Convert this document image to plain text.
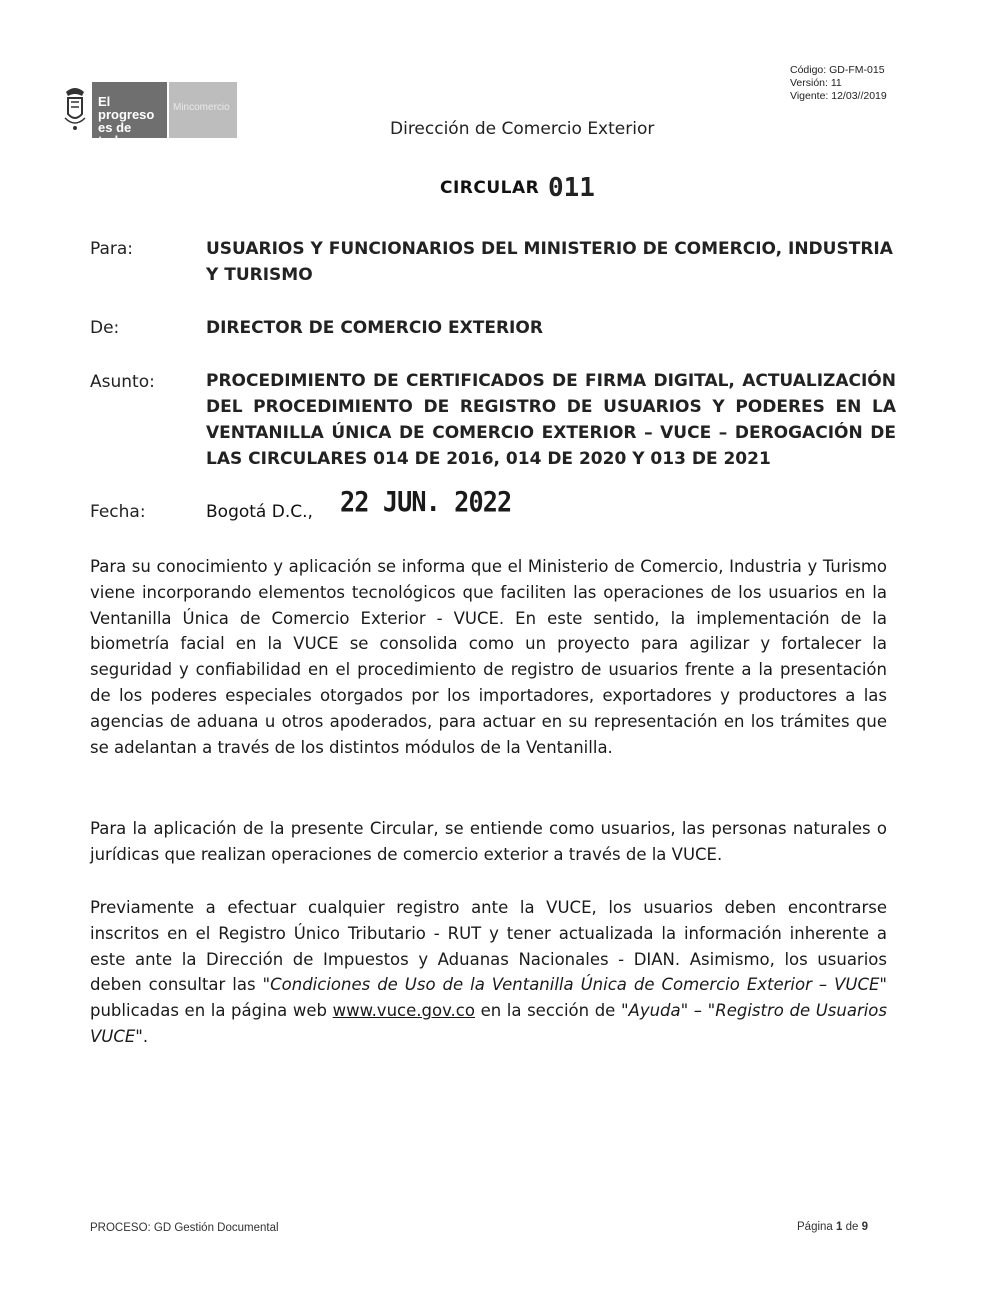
El progreso
es de todos
Mincomercio
Dirección de Comercio Exterior
Código: GD-FM-015
Versión: 11
Vigente: 12/03//2019
CIRCULAR 011
Para:	USUARIOS Y FUNCIONARIOS DEL MINISTERIO DE COMERCIO, INDUSTRIA Y TURISMO
De:	DIRECTOR DE COMERCIO EXTERIOR
Asunto:	PROCEDIMIENTO DE CERTIFICADOS DE FIRMA DIGITAL, ACTUALIZACIÓN DEL PROCEDIMIENTO DE REGISTRO DE USUARIOS Y PODERES EN LA VENTANILLA ÚNICA DE COMERCIO EXTERIOR – VUCE – DEROGACIÓN DE LAS CIRCULARES 014 DE 2016, 014 DE 2020 Y 013 DE 2021
Fecha:	Bogotá D.C., 22 JUN. 2022
Para su conocimiento y aplicación se informa que el Ministerio de Comercio, Industria y Turismo viene incorporando elementos tecnológicos que faciliten las operaciones de los usuarios en la Ventanilla Única de Comercio Exterior - VUCE. En este sentido, la implementación de la biometría facial en la VUCE se consolida como un proyecto para agilizar y fortalecer la seguridad y confiabilidad en el procedimiento de registro de usuarios frente a la presentación de los poderes especiales otorgados por los importadores, exportadores y productores a las agencias de aduana u otros apoderados, para actuar en su representación en los trámites que se adelantan a través de los distintos módulos de la Ventanilla.
Para la aplicación de la presente Circular, se entiende como usuarios, las personas naturales o jurídicas que realizan operaciones de comercio exterior a través de la VUCE.
Previamente a efectuar cualquier registro ante la VUCE, los usuarios deben encontrarse inscritos en el Registro Único Tributario - RUT y tener actualizada la información inherente a este ante la Dirección de Impuestos y Aduanas Nacionales - DIAN. Asimismo, los usuarios deben consultar las "Condiciones de Uso de la Ventanilla Única de Comercio Exterior – VUCE" publicadas en la página web www.vuce.gov.co en la sección de "Ayuda" – "Registro de Usuarios VUCE".
PROCESO: GD Gestión Documental	Página 1 de 9
